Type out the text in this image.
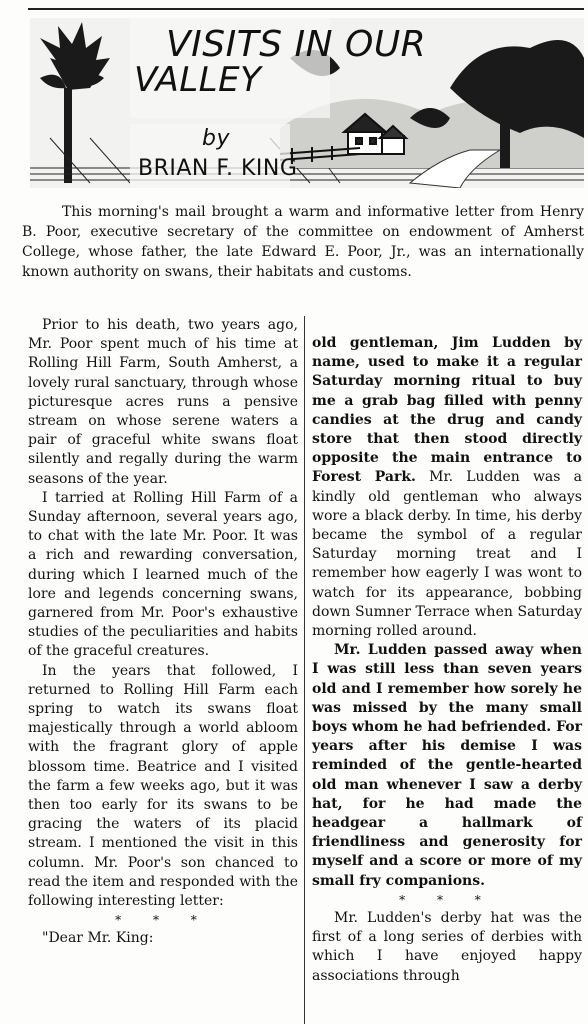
VISITS IN OUR
VALLEY
by
BRIAN F. KING

This morning's mail brought a warm and informative letter from Henry B. Poor, executive secretary of the committee on endowment of Amherst College, whose father, the late Edward E. Poor, Jr., was an internationally known authority on swans, their habitats and customs.

Prior to his death, two years ago, Mr. Poor spent much of his time at Rolling Hill Farm, South Amherst, a lovely rural sanctuary, through whose picturesque acres runs a pensive stream on whose serene waters a pair of graceful white swans float silently and regally during the warm seasons of the year.

I tarried at Rolling Hill Farm of a Sunday afternoon, several years ago, to chat with the late Mr. Poor. It was a rich and rewarding conversation, during which I learned much of the lore and legends concerning swans, garnered from Mr. Poor's exhaustive studies of the peculiarities and habits of the graceful creatures.

In the years that followed, I returned to Rolling Hill Farm each spring to watch its swans float majestically through a world abloom with the fragrant glory of apple blossom time. Beatrice and I visited the farm a few weeks ago, but it was then too early for its swans to be gracing the waters of its placid stream. I mentioned the visit in this column. Mr. Poor's son chanced to read the item and responded with the following interesting letter:

* * *

"Dear Mr. King:

old gentleman, Jim Ludden by name, used to make it a regular Saturday morning ritual to buy me a grab bag filled with penny candies at the drug and candy store that then stood directly opposite the main entrance to Forest Park. Mr. Ludden was a kindly old gentleman who always wore a black derby. In time, his derby became the symbol of a regular Saturday morning treat and I remember how eagerly I was wont to watch for its appearance, bobbing down Sumner Terrace when Saturday morning rolled around.

Mr. Ludden passed away when I was still less than seven years old and I remember how sorely he was missed by the many small boys whom he had befriended. For years after his demise I was reminded of the gentle-hearted old man whenever I saw a derby hat, for he had made the headgear a hallmark of friendliness and generosity for myself and a score or more of my small fry companions.

* * *

Mr. Ludden's derby hat was the first of a long series of derbies with which I have enjoyed happy associations through
